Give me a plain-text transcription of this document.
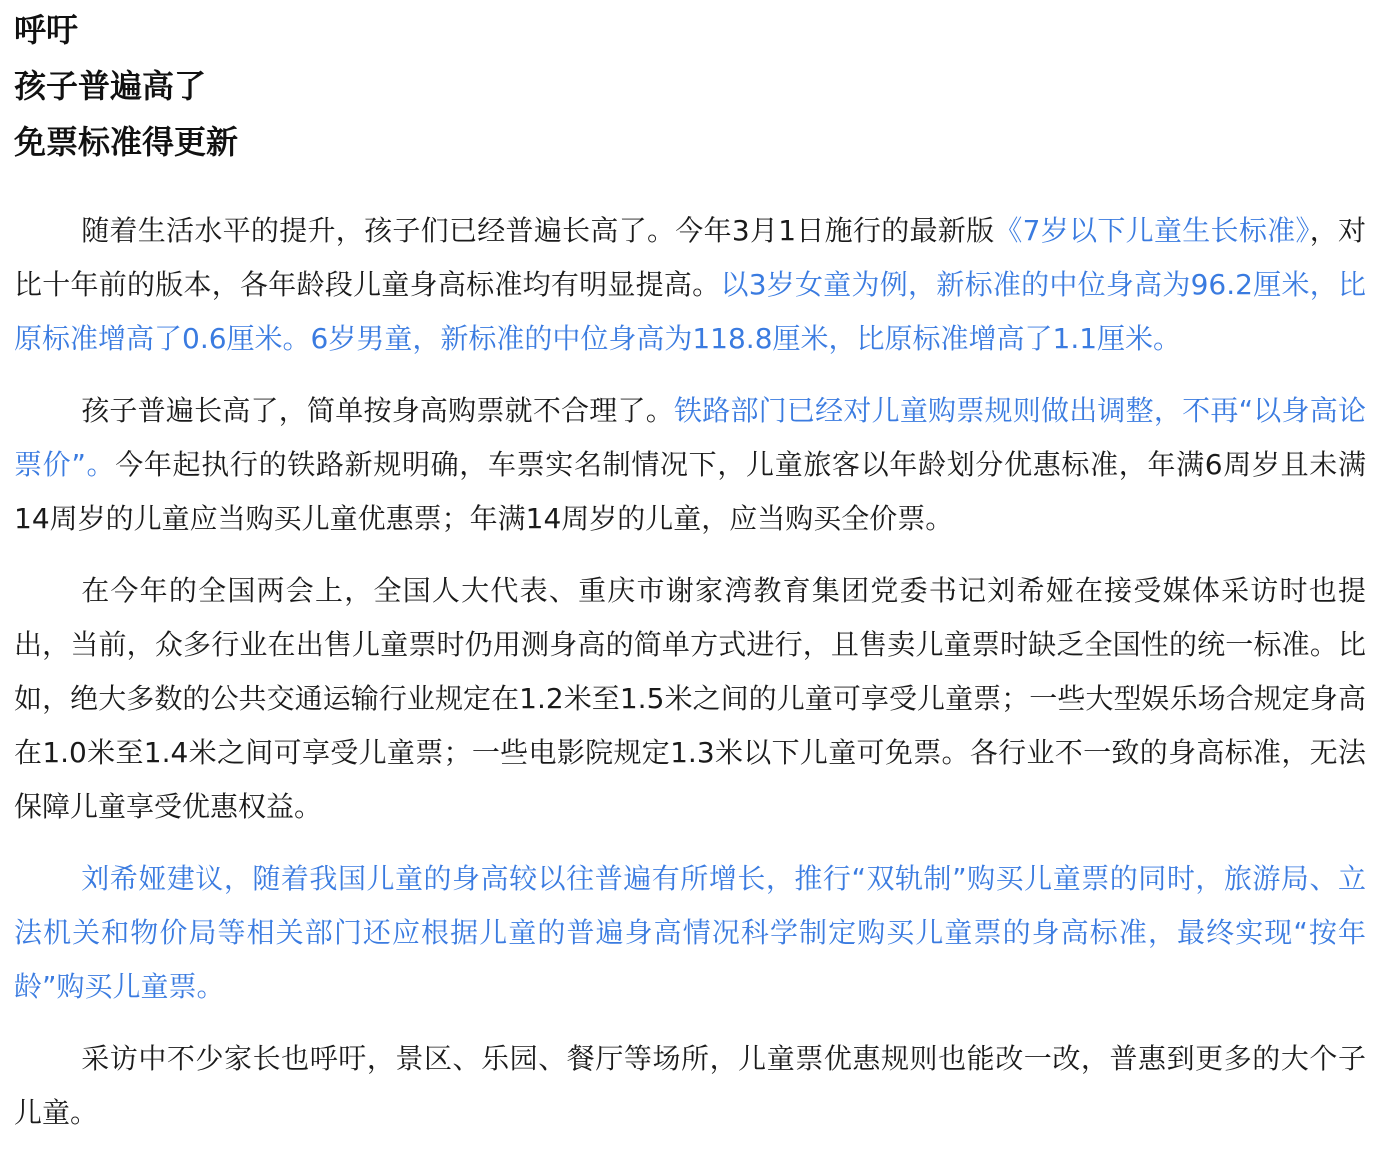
呼吁
孩子普遍高了
免票标准得更新

随着生活水平的提升，孩子们已经普遍长高了。今年3月1日施行的最新版《7岁以下儿童生长标准》，对比十年前的版本，各年龄段儿童身高标准均有明显提高。以3岁女童为例，新标准的中位身高为96.2厘米，比原标准增高了0.6厘米。6岁男童，新标准的中位身高为118.8厘米，比原标准增高了1.1厘米。

孩子普遍长高了，简单按身高购票就不合理了。铁路部门已经对儿童购票规则做出调整，不再“以身高论票价”。今年起执行的铁路新规明确，车票实名制情况下，儿童旅客以年龄划分优惠标准，年满6周岁且未满14周岁的儿童应当购买儿童优惠票；年满14周岁的儿童，应当购买全价票。

在今年的全国两会上，全国人大代表、重庆市谢家湾教育集团党委书记刘希娅在接受媒体采访时也提出，当前，众多行业在出售儿童票时仍用测身高的简单方式进行，且售卖儿童票时缺乏全国性的统一标准。比如，绝大多数的公共交通运输行业规定在1.2米至1.5米之间的儿童可享受儿童票；一些大型娱乐场合规定身高在1.0米至1.4米之间可享受儿童票；一些电影院规定1.3米以下儿童可免票。各行业不一致的身高标准，无法保障儿童享受优惠权益。

刘希娅建议，随着我国儿童的身高较以往普遍有所增长，推行“双轨制”购买儿童票的同时，旅游局、立法机关和物价局等相关部门还应根据儿童的普遍身高情况科学制定购买儿童票的身高标准，最终实现“按年龄”购买儿童票。

采访中不少家长也呼吁，景区、乐园、餐厅等场所，儿童票优惠规则也能改一改，普惠到更多的大个子儿童。
